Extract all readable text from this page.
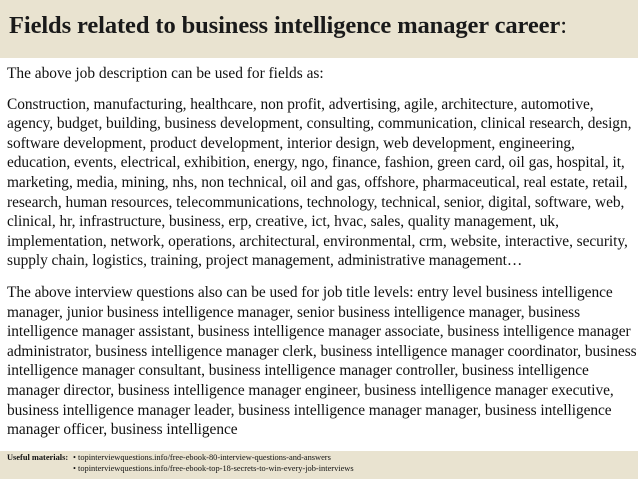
Fields related to business intelligence manager career:

The above job description can be used for fields as:

Construction, manufacturing, healthcare, non profit, advertising, agile, architecture, automotive, agency, budget, building, business development, consulting, communication, clinical research, design, software development, product development, interior design, web development, engineering, education, events, electrical, exhibition, energy, ngo, finance, fashion, green card, oil gas, hospital, it, marketing, media, mining, nhs, non technical, oil and gas, offshore, pharmaceutical, real estate, retail, research, human resources, telecommunications, technology, technical, senior, digital, software, web, clinical, hr, infrastructure, business, erp, creative, ict, hvac, sales, quality management, uk, implementation, network, operations, architectural, environmental, crm, website, interactive, security, supply chain, logistics, training, project management, administrative management…

The above interview questions also can be used for job title levels: entry level business intelligence manager, junior business intelligence manager, senior business intelligence manager, business intelligence manager assistant, business intelligence manager associate, business intelligence manager administrator, business intelligence manager clerk, business intelligence manager coordinator, business intelligence manager consultant, business intelligence manager controller, business intelligence manager director, business intelligence manager engineer, business intelligence manager executive, business intelligence manager leader, business intelligence manager manager, business intelligence manager officer, business intelligence

Useful materials: • topinterviewquestions.info/free-ebook-80-interview-questions-and-answers
• topinterviewquestions.info/free-ebook-top-18-secrets-to-win-every-job-interviews
